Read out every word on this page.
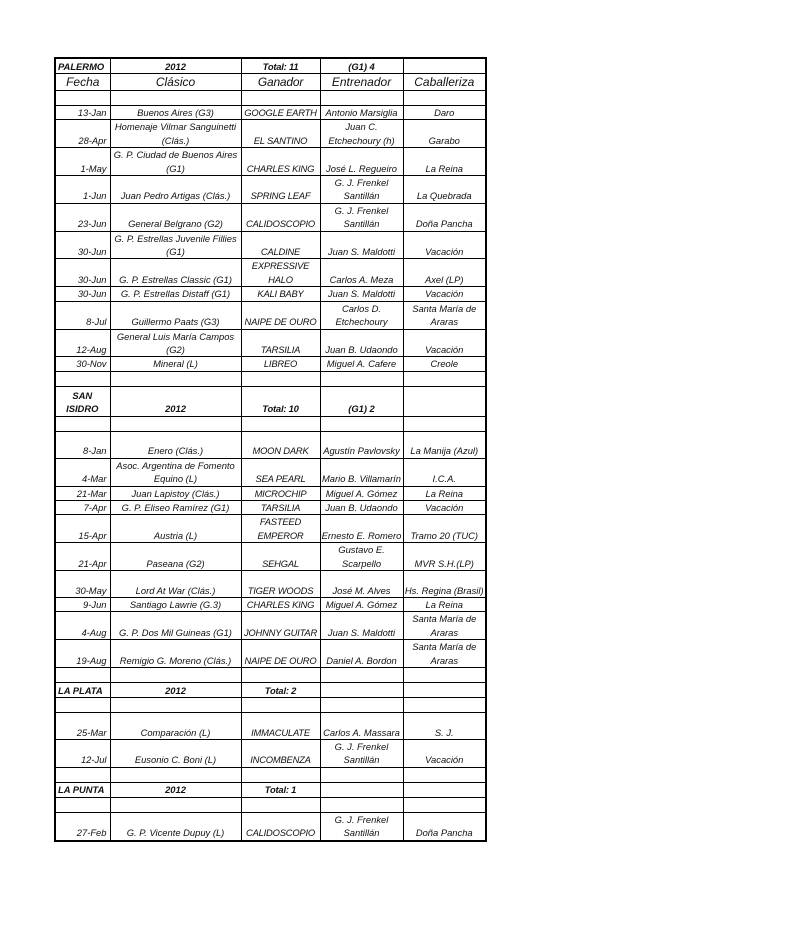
PALERMO	2012	Total: 11	(G1) 4	
Fecha	Clásico	Ganador	Entrenador	Caballeriza

13-Jan	Buenos Aires (G3)	GOOGLE EARTH	Antonio Marsiglia	Daro
28-Apr	Homenaje Vilmar Sanguinetti (Clás.)	EL SANTINO	Juan C. Etchechoury (h)	Garabo
1-May	G. P. Ciudad de Buenos Aires (G1)	CHARLES KING	José L. Regueiro	La Reina
1-Jun	Juan Pedro Artigas (Clás.)	SPRING LEAF	G. J. Frenkel Santillán	La Quebrada
23-Jun	General Belgrano (G2)	CALIDOSCOPIO	G. J. Frenkel Santillán	Doña Pancha
30-Jun	G. P. Estrellas Juvenile Fillies (G1)	CALDINE	Juan S. Maldotti	Vacación
30-Jun	G. P. Estrellas Classic (G1)	EXPRESSIVE HALO	Carlos A. Meza	Axel (LP)
30-Jun	G. P. Estrellas Distaff (G1)	KALI BABY	Juan S. Maldotti	Vacación
8-Jul	Guillermo Paats (G3)	NAIPE DE OURO	Carlos D. Etchechoury	Santa María de Araras
12-Aug	General Luis María Campos (G2)	TARSILIA	Juan B. Udaondo	Vacación
30-Nov	Mineral (L)	LIBREO	Miguel A. Cafere	Creole

SAN ISIDRO	2012	Total: 10	(G1) 2	

8-Jan	Enero (Clás.)	MOON DARK	Agustín Pavlovsky	La Manija (Azul)
4-Mar	Asoc. Argentina de Fomento Equino (L)	SEA PEARL	Mario B. Villamarín	I.C.A.
21-Mar	Juan Lapistoy (Clás.)	MICROCHIP	Miguel A. Gómez	La Reina
7-Apr	G. P. Eliseo Ramírez (G1)	TARSILIA	Juan B. Udaondo	Vacación
15-Apr	Austria (L)	FASTEED EMPEROR	Ernesto E. Romero	Tramo 20 (TUC)
21-Apr	Paseana (G2)	SEHGAL	Gustavo E. Scarpello	MVR S.H.(LP)
30-May	Lord At War (Clás.)	TIGER WOODS	José M. Alves	Hs. Regina (Brasil)
9-Jun	Santiago Lawrie (G.3)	CHARLES KING	Miguel A. Gómez	La Reina
4-Aug	G. P. Dos Mil Guineas (G1)	JOHNNY GUITAR	Juan S. Maldotti	Santa María de Araras
19-Aug	Remigio G. Moreno (Clás.)	NAIPE DE OURO	Daniel A. Bordon	Santa María de Araras

LA PLATA	2012	Total: 2		

25-Mar	Comparación (L)	IMMACULATE	Carlos A. Massara	S. J.
12-Jul	Eusonio C. Boni (L)	INCOMBENZA	G. J. Frenkel Santillán	Vacación

LA PUNTA	2012	Total: 1		

27-Feb	G. P. Vicente Dupuy (L)	CALIDOSCOPIO	G. J. Frenkel Santillán	Doña Pancha
